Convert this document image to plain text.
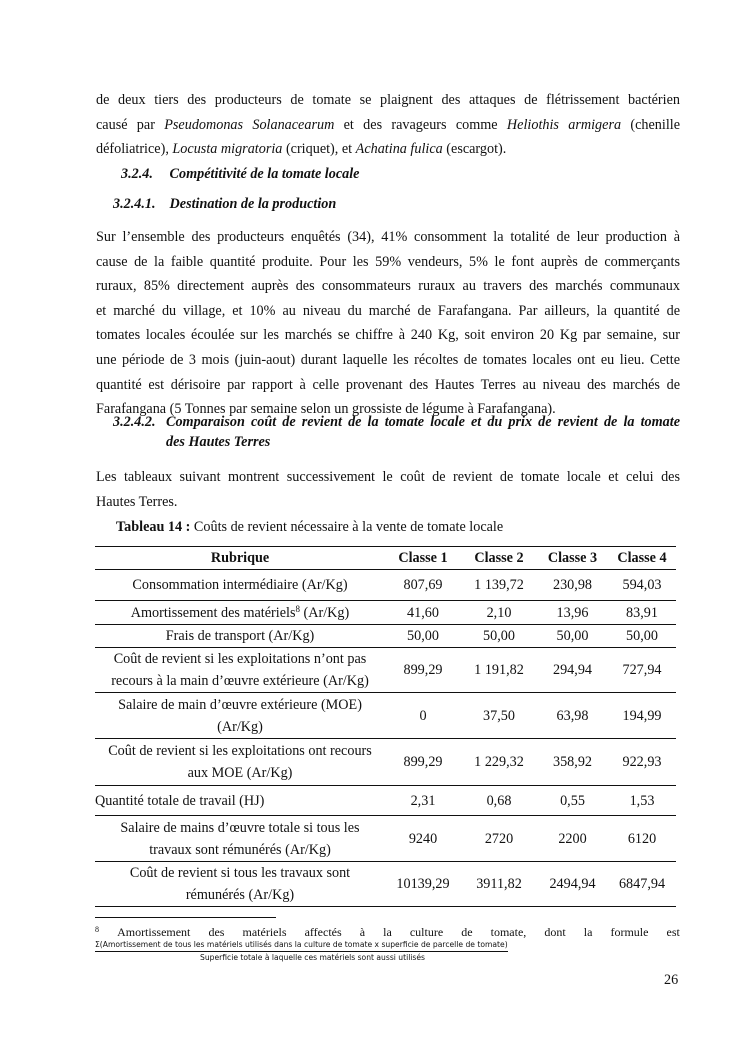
de deux tiers des producteurs de tomate se plaignent des attaques de flétrissement bactérien
causé par Pseudomonas Solanacearum et des ravageurs comme Heliothis armigera (chenille
défoliatrice), Locusta migratoria (criquet), et Achatina fulica (escargot).

3.2.4. Compétitivité de la tomate locale
3.2.4.1. Destination de la production

Sur l’ensemble des producteurs enquêtés (34), 41% consomment la totalité de leur production à
cause de la faible quantité produite. Pour les 59% vendeurs, 5% le font auprès de commerçants
ruraux, 85% directement auprès des consommateurs ruraux au travers des marchés communaux
et marché du village, et 10% au niveau du marché de Farafangana. Par ailleurs, la quantité de
tomates locales écoulée sur les marchés se chiffre à 240 Kg, soit environ 20 Kg par semaine, sur
une période de 3 mois (juin-aout) durant laquelle les récoltes de tomates locales ont eu lieu. Cette
quantité est dérisoire par rapport à celle provenant des Hautes Terres au niveau des marchés de
Farafangana (5 Tonnes par semaine selon un grossiste de légume à Farafangana).

3.2.4.2. Comparaison coût de revient de la tomate locale et du prix de revient de la tomate
des Hautes Terres

Les tableaux suivant montrent successivement le coût de revient de tomate locale et celui des
Hautes Terres.

Tableau 14 : Coûts de revient nécessaire à la vente de tomate locale
Rubrique	Classe 1	Classe 2	Classe 3	Classe 4
Consommation intermédiaire (Ar/Kg)	807,69	1 139,72	230,98	594,03
Amortissement des matériels$^8$ (Ar/Kg)	41,60	2,10	13,96	83,91
Frais de transport (Ar/Kg)	50,00	50,00	50,00	50,00

Coût de revient si les exploitations n’ont pas
recours à la main d’œuvre extérieure (Ar/Kg)	899,29	1 191,82	294,94	727,94

Salaire de main d’œuvre extérieure (MOE)
(Ar/Kg)	0	37,50	63,98	194,99

Coût de revient si les exploitations ont recours
aux MOE (Ar/Kg)	899,29	1 229,32	358,92	922,93
Quantité totale de travail (HJ)	2,31	0,68	0,55	1,53

Salaire de mains d’œuvre totale si tous les
travaux sont rémunérés (Ar/Kg)	9240	2720	2200	6120

Coût de revient si tous les travaux sont
rémunérés (Ar/Kg)	10139,29	3911,82	2494,94	6847,94
$^8$ Amortissement des matériels affectés à la culture de tomate, dont la formule est
Σ(Amortissement de tous les matériels utilisés dans la culture de tomate x superficie de parcelle de tomate)
Superficie totale à laquelle ces matériels sont aussi utilisés
26
